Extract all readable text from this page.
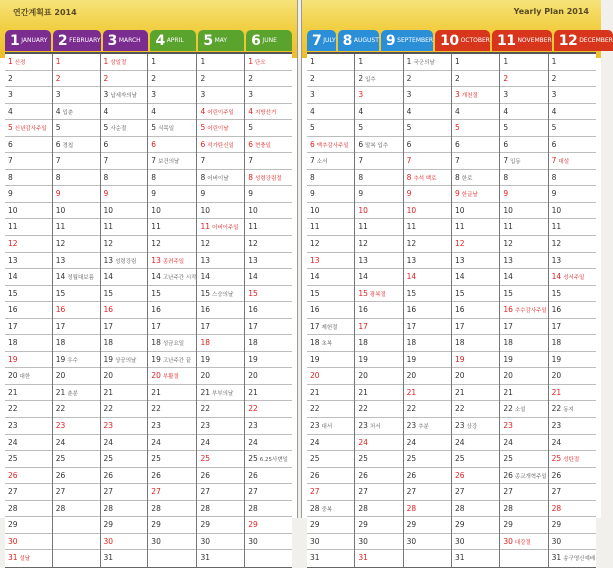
연간계획표 2014
1 JANUARY 2 FEBRUARY 3 MARCH 4 APRIL 5 MAY 6 JUNE
1 신정
2
3
4
5 신년감사주일
6
7
8
9
10
11
12
13
14
15
16
17
18
19
20 대한
21
22
23
24
25
26
27
28
29
30
31 설날
1
2
3
4 입춘
5
6 경칩
7
8
9
10
11
12
13
14 정월대보름
15
16
17
18
19 우수
20
21 춘분
22
23
24
25
26
27
28
1 삼일절
2
3 납세자의날
4
5 사순절
6
7
8
9
10
11
12
13 성령강림
14
15
16
17
18
19 상공의날
20
21
22
23
24
25
26
27
28
29
30
31
1
2
3
4
5 식목일
6
7 보건의날
8
9
10
11
12
13 종려주일
14 고난주간 시작
15
16
17
18 성금요일
19 고난주간 끝
20 부활절
21
22
23
24
25
26
27
28
29
30
1
2
3
4 어린이주일
5 어린이날
6 석가탄신일
7
8 어버이날
9
10
11 어버이주일
12
13
14
15 스승의날
16
17
18
19
20
21 부부의날
22
23
24
25
26
27
28
29
30
31
1 단오
2
3
4 지방선거
5
6 현충일
7
8 성령강림절
9
10
11
12
13
14
15
16
17
18
19
20
21
22
23
24
25 6.25사변일
26
27
28
29
30
Yearly Plan 2014
7 JULY 8 AUGUST 9 SEPTEMBER 10 OCTOBER 11 NOVEMBER 12 DECEMBER
1
2
3
4
5
6 맥추감사주일
7 소서
8
9
10
11
12
13
14
15
16
17 제헌절
18 초복
19
20
21
22
23 대서
24
25
26
27
28 중복
29
30
31
1
2 입추
3
4
5
6 말복 입추
7
8
9
10
11
12
13
14
15 광복절
16
17
18
19
20
21
22
23 처서
24
25
26
27
28
29
30
31
1 국군의날
2
3
4
5
6
7
8 추석 백로
9
10
11
12
13
14
15
16
17
18
19
20
21
22
23 추분
24
25
26
27
28
29
30
1
2
3 개천절
4
5
6
7
8 한로
9 한글날
10
11
12
13
14
15
16
17
18
19
20
21
22
23 상강
24
25
26
27
28
29
30
31
1
2
3
4
5
6
7 입동
8
9
10
11
12
13
14
15
16 추수감사주일
17
18
19
20
21
22 소설
23
24
25
26 종교개혁주일
27
28
29
30 대강절
1
2
3
4
5
6
7 대설
8
9
10
11
12
13
14 성서주일
15
16
17
18
19
20
21
22 동지
23
24
25 성탄절
26
27
28
29
30
31 송구영신예배
